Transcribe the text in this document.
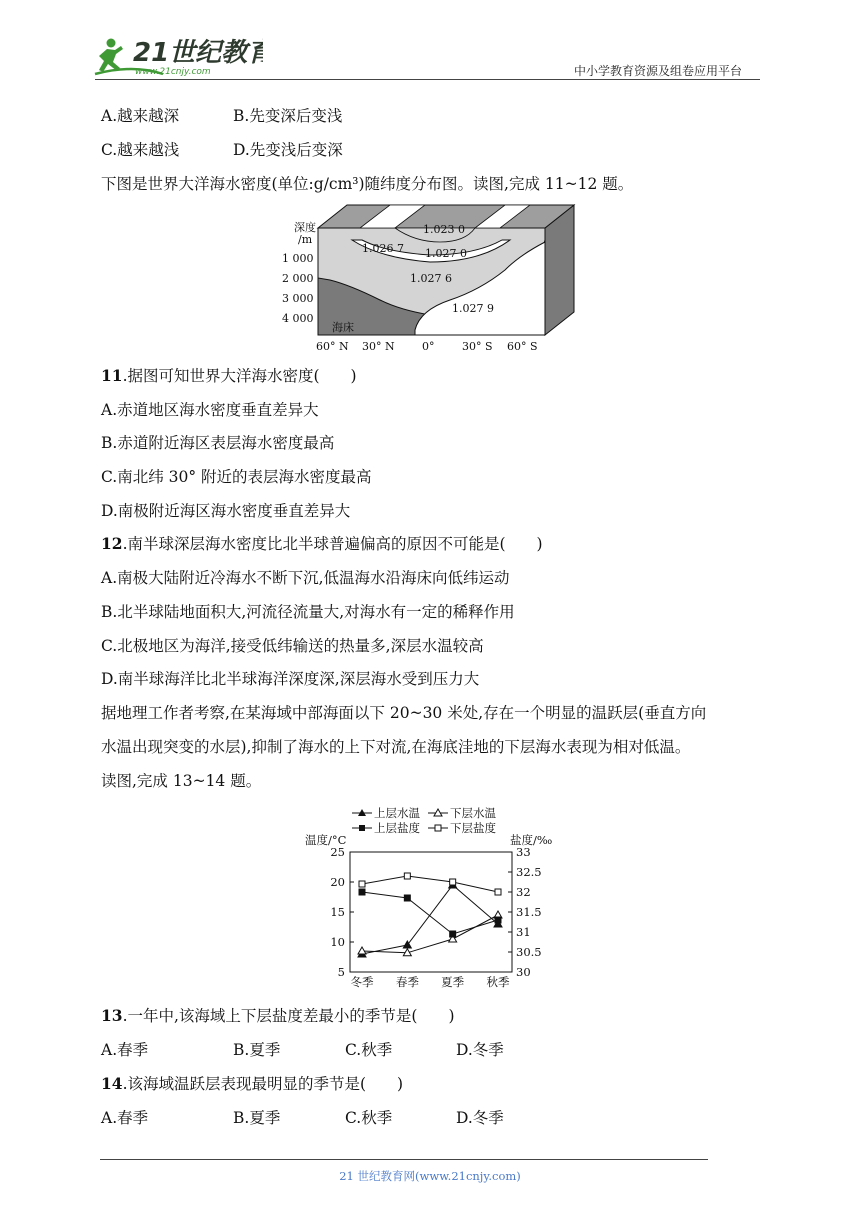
21世纪教育
www.21cnjy.com	中小学教育资源及组卷应用平台
A.越来越深	B.先变深后变浅
C.越来越浅	D.先变浅后变深
下图是世界大洋海水密度(单位:g/cm³)随纬度分布图。读图,完成 11~12 题。
深度
/m
1 000
2 000
3 000
4 000
1.023 0
1.026 7 1.027 0
1.027 6
1.027 9
海床
60° N 30° N 0°	30° S 60° S
11.据图可知世界大洋海水密度(　　)
A.赤道地区海水密度垂直差异大
B.赤道附近海区表层海水密度最高
C.南北纬 30° 附近的表层海水密度最高
D.南极附近海区海水密度垂直差异大
12.南半球深层海水密度比北半球普遍偏高的原因不可能是(　　)
A.南极大陆附近冷海水不断下沉,低温海水沿海床向低纬运动
B.北半球陆地面积大,河流径流量大,对海水有一定的稀释作用
C.北极地区为海洋,接受低纬输送的热量多,深层水温较高
D.南半球海洋比北半球海洋深度深,深层海水受到压力大
据地理工作者考察,在某海域中部海面以下 20~30 米处,存在一个明显的温跃层(垂直方向
水温出现突变的水层),抑制了海水的上下对流,在海底洼地的下层海水表现为相对低温。
读图,完成 13~14 题。
上层水温	下层水温
上层盐度	下层盐度
温度/°C	盐度/‰
5
10
15
20
25
30
30.5
31
31.5
32
32.5
33
冬季 春季 夏季 秋季
13.一年中,该海域上下层盐度差最小的季节是(　　)
A.春季	B.夏季	C.秋季	D.冬季
14.该海域温跃层表现最明显的季节是(　　)
A.春季	B.夏季	C.秋季	D.冬季
21 世纪教育网(www.21cnjy.com)
